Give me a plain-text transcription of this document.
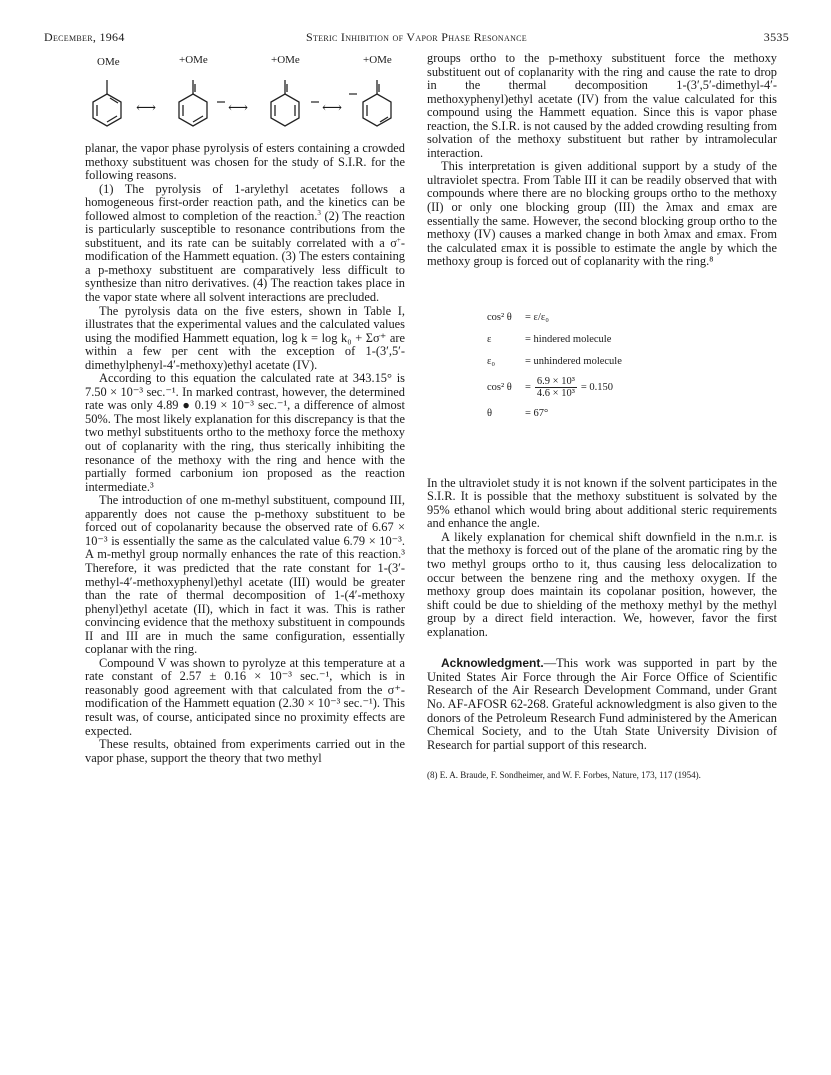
December, 1964	Steric Inhibition of Vapor Phase Resonance	3535
OMe	+OMe	+OMe	+OMe
⟷	⟷	⟷

planar, the vapor phase pyrolysis of esters containing a crowded methoxy substituent was chosen for the study of S.I.R. for the following reasons.

(1) The pyrolysis of 1-arylethyl acetates follows a homogeneous first-order reaction path, and the kinetics can be followed almost to completion of the reaction.$^3$ (2) The reaction is particularly susceptible to resonance contributions from the substituent, and its rate can be suitably correlated with a σ+-modification of the Hammett equation. (3) The esters containing a p-methoxy substituent are comparatively less difficult to synthesize than nitro derivatives. (4) The reaction takes place in the vapor state where all solvent interactions are precluded.

The pyrolysis data on the five esters, shown in Table I, illustrates that the experimental values and the calculated values using the modified Hammett equation, log k = log k₀ + Σσ⁺ are within a few per cent with the exception of 1-(3′,5′-dimethylphenyl-4′-methoxy)ethyl acetate (IV).

According to this equation the calculated rate at 343.15° is 7.50 × 10⁻³ sec.⁻¹. In marked contrast, however, the determined rate was only 4.89 ● 0.19 × 10⁻³ sec.⁻¹, a difference of almost 50%. The most likely explanation for this discrepancy is that the two methyl substituents ortho to the methoxy force the methoxy out of coplanarity with the ring, thus sterically inhibiting the resonance of the methoxy with the ring and hence with the partially formed carbonium ion proposed as the reaction intermediate.³

The introduction of one m-methyl substituent, compound III, apparently does not cause the p-methoxy substituent to be forced out of copolanarity because the observed rate of 6.67 × 10⁻³ is essentially the same as the calculated value 6.79 × 10⁻³. A m-methyl group normally enhances the rate of this reaction.³ Therefore, it was predicted that the rate constant for 1-(3′-methyl-4′-methoxyphenyl)ethyl acetate (III) would be greater than the rate of thermal decomposition of 1-(4′-methoxy phenyl)ethyl acetate (II), which in fact it was. This is rather convincing evidence that the methoxy substituent in compounds II and III are in much the same configuration, essentially coplanar with the ring.

Compound V was shown to pyrolyze at this temperature at a rate constant of 2.57 ± 0.16 × 10⁻³ sec.⁻¹, which is in reasonably good agreement with that calculated from the σ⁺-modification of the Hammett equation (2.30 × 10⁻³ sec.⁻¹). This result was, of course, anticipated since no proximity effects are expected.

These results, obtained from experiments carried out in the vapor phase, support the theory that two methyl

groups ortho to the p-methoxy substituent force the methoxy substituent out of coplanarity with the ring and cause the rate to drop in the thermal decomposition 1-(3′,5′-dimethyl-4′-methoxyphenyl)ethyl acetate (IV) from the value calculated for this compound using the Hammett equation. Since this is vapor phase reaction, the S.I.R. is not caused by the added crowding resulting from solvation of the methoxy substituent but rather by intramolecular interaction.

This interpretation is given additional support by a study of the ultraviolet spectra. From Table III it can be readily observed that with compounds where there are no blocking groups ortho to the methoxy (II) or only one blocking group (III) the λmax and εmax are essentially the same. However, the second blocking group ortho to the methoxy (IV) causes a marked change in both λmax and εmax. From the calculated εmax it is possible to estimate the angle by which the methoxy group is forced out of coplanarity with the ring.⁸

cos² θ	= ε/ε₀
ε	= hindered molecule
ε₀	= unhindered molecule
cos² θ	= $\frac{\text{6.9 × 10³}}{\text{4.6 × 10³}} = 0.150$
θ	= 67°

In the ultraviolet study it is not known if the solvent participates in the S.I.R. It is possible that the methoxy substituent is solvated by the 95% ethanol which would bring about additional steric requirements and enhance the angle.

A likely explanation for chemical shift downfield in the n.m.r. is that the methoxy is forced out of the plane of the aromatic ring by the two methyl groups ortho to it, thus causing less delocalization to occur between the benzene ring and the methoxy oxygen. If the methoxy group does maintain its copolanar position, however, the shift could be due to shielding of the methoxy methyl by the methyl group by a direct field interaction. We, however, favor the first explanation.

Acknowledgment.—This work was supported in part by the United States Air Force through the Air Force Office of Scientific Research of the Air Research Development Command, under Grant No. AF-AFOSR 62-268. Grateful acknowledgment is also given to the donors of the Petroleum Research Fund administered by the American Chemical Society, and to the Utah State University Division of Research for partial support of this research.

(8) E. A. Braude, F. Sondheimer, and W. F. Forbes, Nature, 173, 117 (1954).
